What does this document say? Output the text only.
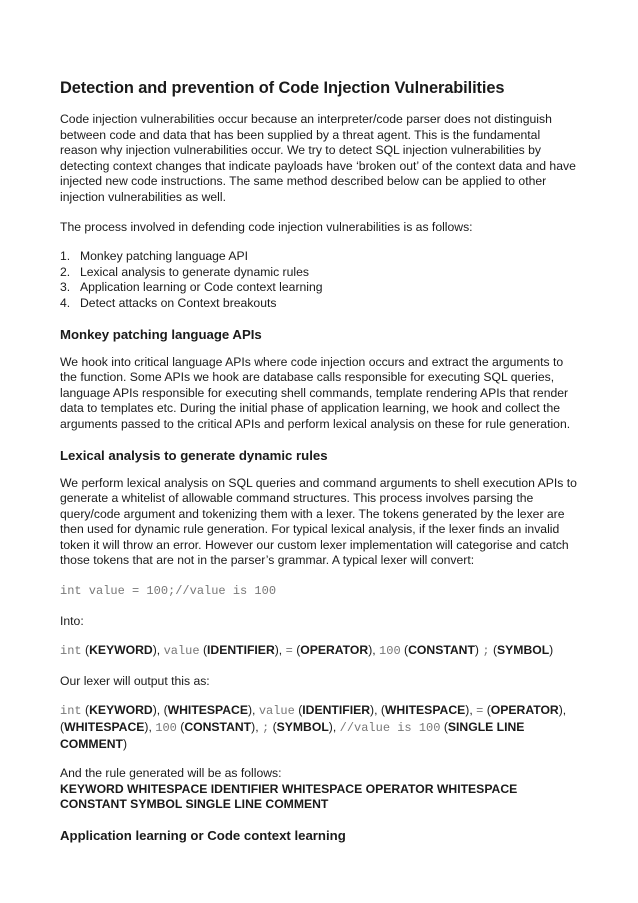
Detection and prevention of Code Injection Vulnerabilities

Code injection vulnerabilities occur because an interpreter/code parser does not distinguish between code and data that has been supplied by a threat agent. This is the fundamental reason why injection vulnerabilities occur. We try to detect SQL injection vulnerabilities by detecting context changes that indicate payloads have ‘broken out’ of the context data and have injected new code instructions. The same method described below can be applied to other injection vulnerabilities as well.

The process involved in defending code injection vulnerabilities is as follows:

1. Monkey patching language API
2. Lexical analysis to generate dynamic rules
3. Application learning or Code context learning
4. Detect attacks on Context breakouts
Monkey patching language APIs

We hook into critical language APIs where code injection occurs and extract the arguments to the function. Some APIs we hook are database calls responsible for executing SQL queries, language APIs responsible for executing shell commands, template rendering APIs that render data to templates etc. During the initial phase of application learning, we hook and collect the arguments passed to the critical APIs and perform lexical analysis on these for rule generation.

Lexical analysis to generate dynamic rules

We perform lexical analysis on SQL queries and command arguments to shell execution APIs to generate a whitelist of allowable command structures. This process involves parsing the query/code argument and tokenizing them with a lexer. The tokens generated by the lexer are then used for dynamic rule generation. For typical lexical analysis, if the lexer finds an invalid token it will throw an error. However our custom lexer implementation will categorise and catch those tokens that are not in the parser’s grammar. A typical lexer will convert:

int value = 100;//value is 100

Into:

int (KEYWORD), value (IDENTIFIER), = (OPERATOR), 100 (CONSTANT) ; (SYMBOL)

Our lexer will output this as:

int (KEYWORD), (WHITESPACE), value (IDENTIFIER), (WHITESPACE), = (OPERATOR),
(WHITESPACE), 100 (CONSTANT), ; (SYMBOL), //value is 100 (SINGLE LINE COMMENT)

And the rule generated will be as follows:
KEYWORD WHITESPACE IDENTIFIER WHITESPACE OPERATOR WHITESPACE CONSTANT SYMBOL SINGLE LINE COMMENT

Application learning or Code context learning
